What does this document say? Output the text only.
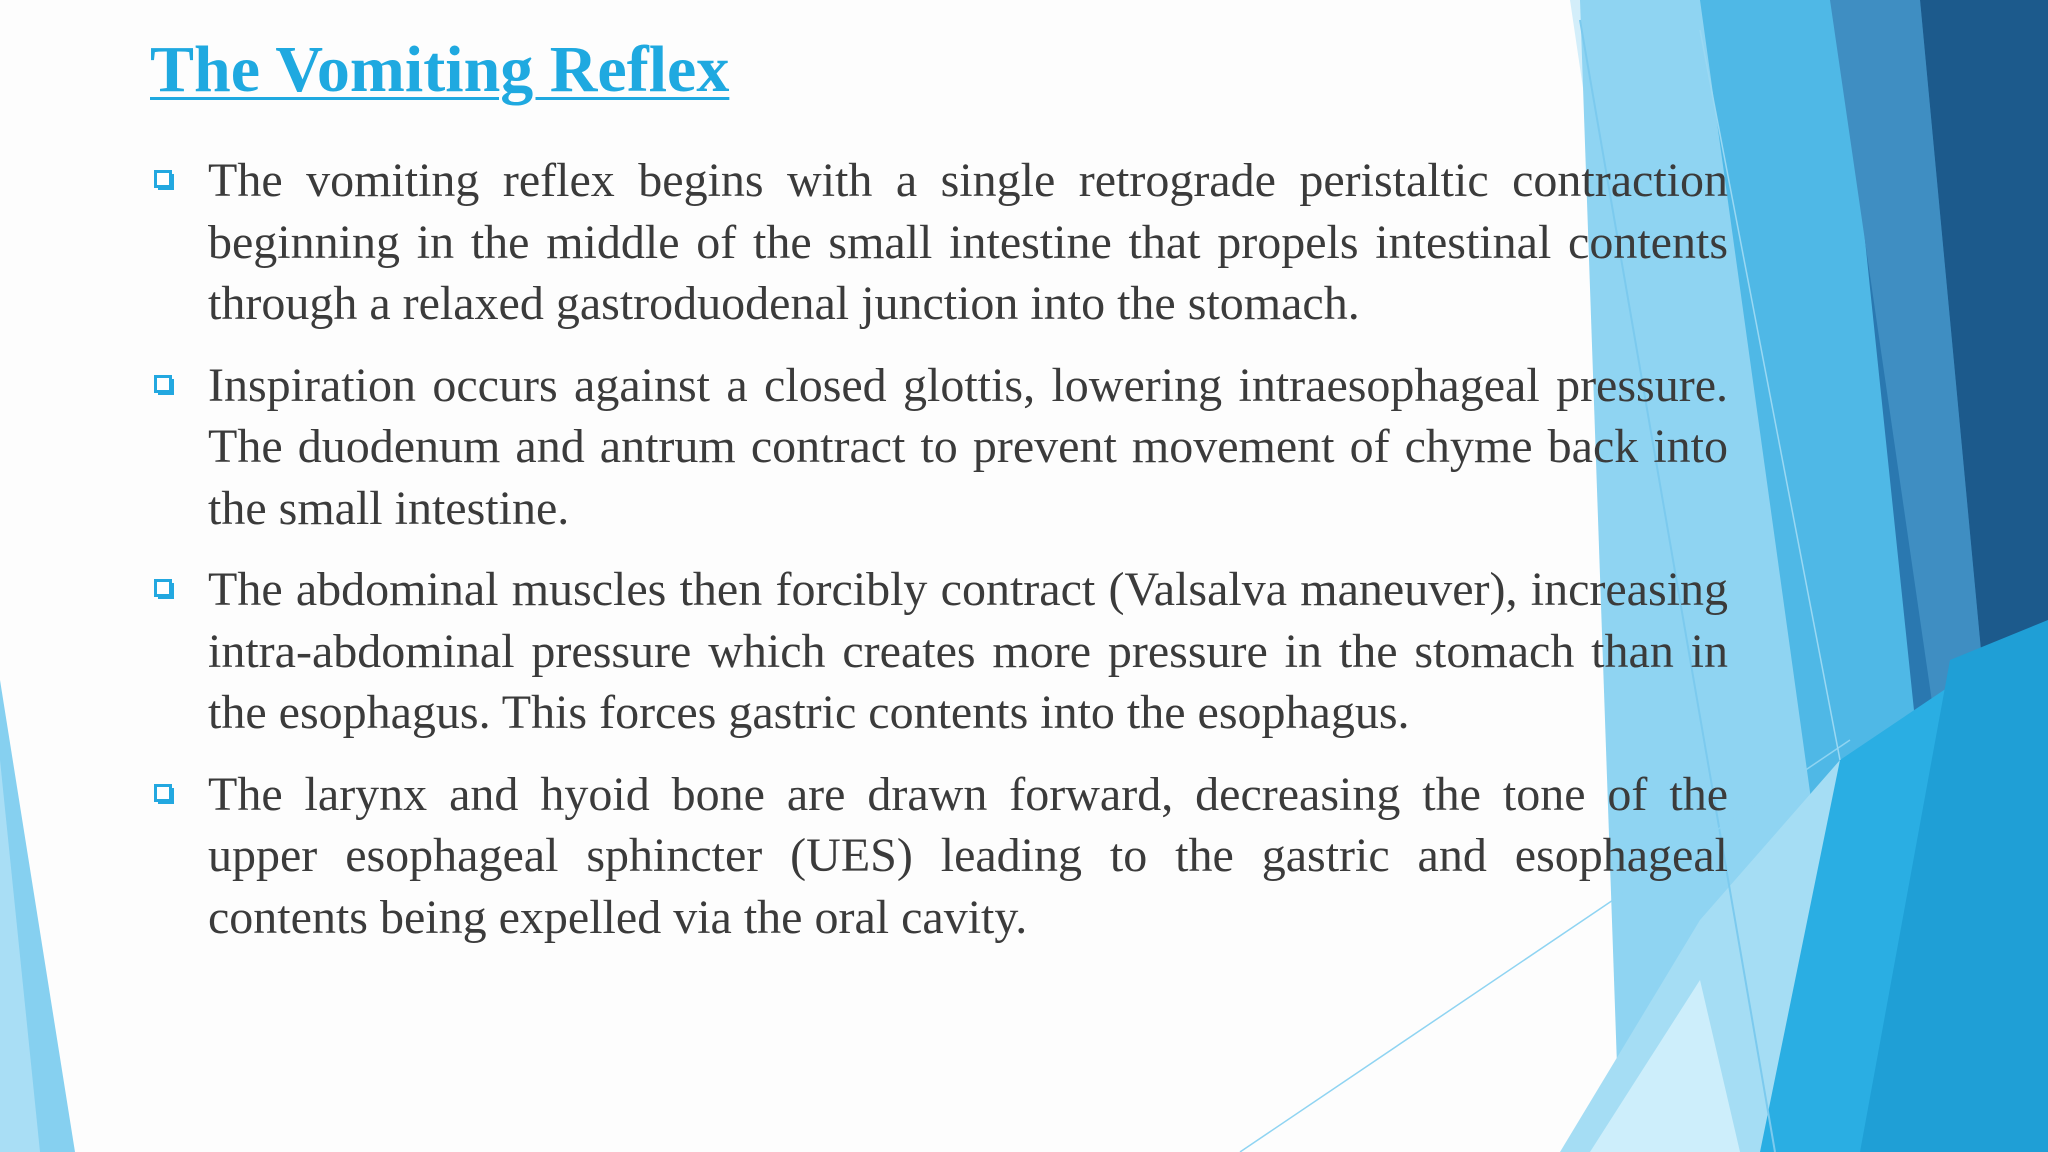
The Vomiting Reflex
The vomiting reflex begins with a single retrograde peristaltic contraction beginning in the middle of the small intestine that propels intestinal contents through a relaxed gastroduodenal junction into the stomach.
Inspiration occurs against a closed glottis, lowering intraesophageal pressure. The duodenum and antrum contract to prevent movement of chyme back into the small intestine.
The abdominal muscles then forcibly contract (Valsalva maneuver), increasing intra-abdominal pressure which creates more pressure in the stomach than in the esophagus. This forces gastric contents into the esophagus.
The larynx and hyoid bone are drawn forward, decreasing the tone of the upper esophageal sphincter (UES) leading to the gastric and esophageal contents being expelled via the oral cavity.
